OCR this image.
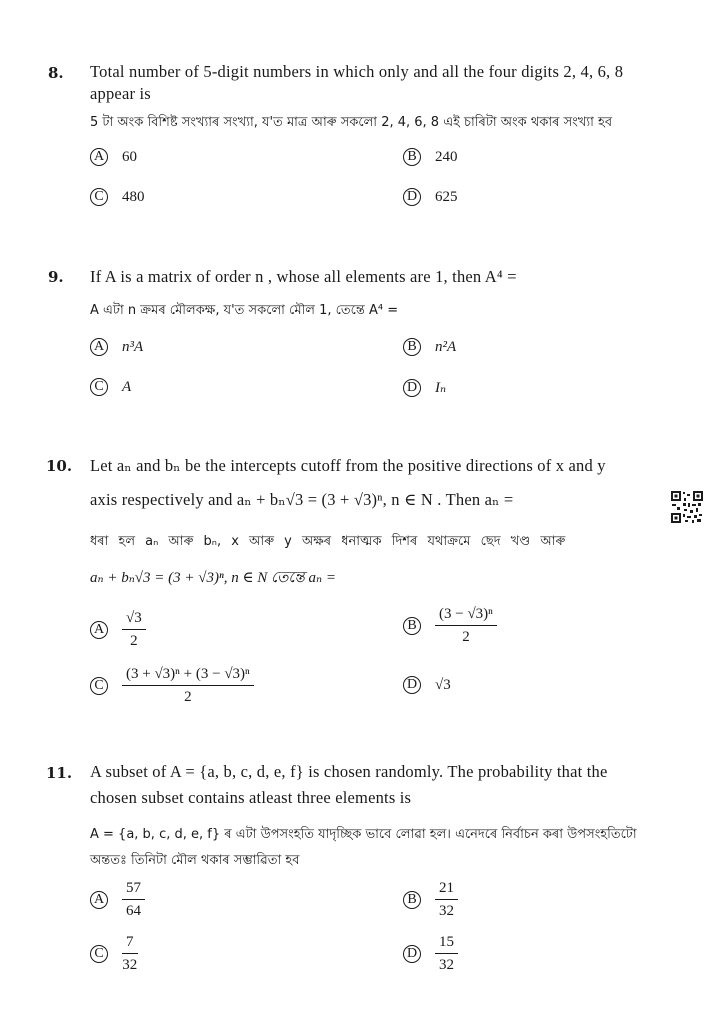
8. Total number of 5-digit numbers in which only and all the four digits 2, 4, 6, 8
appear is
5 টা অংক বিশিষ্ট সংখ্যাৰ সংখ্যা, য'ত মাত্ৰ আৰু সকলো 2, 4, 6, 8 এই চাৰিটা অংক থকাৰ সংখ্যা হব
A 60	B 240
C 480	D 625
9. If A is a matrix of order n , whose all elements are 1, then A⁴ =
A এটা n ক্ৰমৰ মৌলকক্ষ, য'ত সকলো মৌল 1, তেন্তে A⁴ =
A n³A	B n²A
C A	D Iₙ
10. Let aₙ and bₙ be the intercepts cutoff from the positive directions of x and y
axis respectively and aₙ + bₙ√3 = (3 + √3)ⁿ, n ∈ N . Then aₙ =
ধৰা হল aₙ আৰু bₙ, x আৰু y অক্ষৰ ধনাত্মক দিশৰ যথাক্ৰমে ছেদ খণ্ড আৰু
aₙ + bₙ√3 = (3 + √3)ⁿ, n ∈ N তেন্তে aₙ =
A $\frac{√3}{2}$	B $\frac{\text{(3 − √3)ⁿ}}{2}$
C $\frac{\text{(3 + √3)ⁿ + (3 − √3)ⁿ}}{2}$	D √3
11. A subset of A = {a, b, c, d, e, f} is chosen randomly. The probability that the
chosen subset contains atleast three elements is
A = {a, b, c, d, e, f} ৰ এটা উপসংহতি যাদৃচ্ছিক ভাবে লোৱা হল। এনেদৰে নিৰ্বাচন কৰা উপসংহতিটো
অন্ততঃ তিনিটা মৌল থকাৰ সম্ভাৱিতা হব
A $\frac{57}{64}$	B $\frac{21}{32}$
C $\frac{7}{32}$	D $\frac{15}{32}$
